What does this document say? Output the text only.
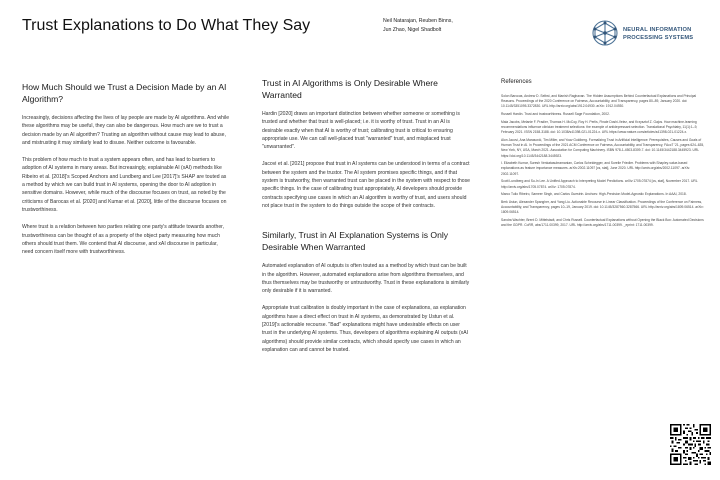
Trust Explanations to Do What They Say	Neil Natarajan, Reuben Binns,
Jun Zhao, Nigel Shadbolt	NEURAL INFORMATION
PROCESSING SYSTEMS
How Much Should we Trust a Decision Made by an AI Algorithm?

Increasingly, decisions affecting the lives of lay people are made by AI algorithms. And while these algorithms may be useful, they can also be dangerous. How much are we to trust a decision made by an AI algorithm? Trusting an algorithm without cause may lead to abuse, and mistrusting it may similarly lead to disuse. Neither outcome is favourable.

This problem of how much to trust a system appears often, and has lead to barriers to adoption of AI systems in many areas. But increasingly, explainable AI (xAI) methods like Ribeiro et al. [2018]'s Scoped Anchors and Lundberg and Lee [2017]'s SHAP are touted as a method by which we can build trust in AI systems, opening the door to AI adoption in sensitive domains. However, while much of the discourse focuses on trust, as noted by the criticisms of Barocas et al. [2020] and Kumar et al. [2020], little of the discourse focuses on trustworthiness.

Where trust is a relation between two parties relating one party's attitude towards another, trustworthiness can be thought of as a property of the object party measuring how much others should trust them. We contend that AI discourse, and xAI discourse in particular, need concern itself more with trustworthiness.

Trust in AI Algorithms is Only Desirable Where Warranted

Hardin [2020] draws an important distinction between whether someone or something is trusted and whether that trust is well-placed; i.e. it is worthy of trust. Trust in an AI is desirable exactly when that AI is worthy of trust; calibrating trust is critical to ensuring appropriate use. We can call well-placed trust "warranted" trust, and misplaced trust "unwarranted".

Jacovi et al. [2021] propose that trust in AI systems can be understood in terms of a contract between the system and the trustor. The AI system promises specific things, and if that system is trustworthy, then warranted trust can be placed in the system with respect to those specific things. In the case of calibrating trust appropriately, AI developers should provide contracts specifying use cases in which an AI algorithm is worthy of trust, and users should not place trust in the system to do things outside the scope of their contracts.

Similarly, Trust in AI Explanation Systems is Only Desirable When Warranted

Automated explanation of AI outputs is often touted as a method by which trust can be built in the algorithm. However, automated explanations arise from algorithms themselves, and thus themselves may be trustworthy or untrustworthy. Trust in these explanations is similarly only desirable if it is warranted.

Appropriate trust calibration is doubly important in the case of explanations, as explanation algorithms have a direct effect on trust in AI systems, as demonstrated by Ustun et al. [2019]'s actionable recourse. "Bad" explanations might have undesirable effects on user trust in the underlying AI systems. Thus, developers of algorithms explaining AI outputs (xAI algorithms) should provide similar contracts, which should specify use cases in which an explanation can and cannot be trusted.

References

Solon Barocas, Andrew D. Selbst, and Manish Raghavan. The Hidden Assumptions Behind Counterfactual Explanations and Principal Reasons. Proceedings of the 2020 Conference on Fairness, Accountability, and Transparency, pages 80–89, January 2020. doi: 10.1145/3351095.3372830. URL http://arxiv.org/abs/1912.04930. arXiv: 1912.04930.

Russell Hardin. Trust and trustworthiness. Russell Sage Foundation, 2002.

Maia Jacobs, Melanie F. Pradier, Thomas H. McCoy, Roy H. Perlis, Finale Doshi-Velez, and Krzysztof Z. Gajos. How machine-learning recommendations influence clinician treatment selections: the example of antidepressant selection. Translational Psychiatry, 11(1):1–9, February 2021. ISSN 2158-3188. doi: 10.1038/s41398-021-01224-x. URL https://www.nature.com/articles/s41398-021-01224-x.

Alon Jacovi, Ana Marasović, Tim Miller, and Yoav Goldberg. Formalizing Trust in Artificial Intelligence: Prerequisites, Causes and Goals of Human Trust in AI. In Proceedings of the 2021 ACM Conference on Fairness, Accountability, and Transparency, FAccT '21, pages 624–635, New York, NY, USA, March 2021. Association for Computing Machinery. ISBN 978-1-4503-8309-7. doi: 10.1145/3442188.3445923. URL https://doi.org/10.1145/3442188.3445923.

I. Elizabeth Kumar, Suresh Venkatasubramanian, Carlos Scheidegger, and Sorelle Friedler. Problems with Shapley-value-based explanations as feature importance measures. arXiv:2002.11097 [cs, stat], June 2020. URL http://arxiv.org/abs/2002.11097. arXiv: 2002.11097.

Scott Lundberg and Su-In Lee. A Unified Approach to Interpreting Model Predictions. arXiv:1705.07874 [cs, stat], November 2017. URL http://arxiv.org/abs/1705.07874. arXiv: 1705.07874.

Marco Tulio Ribeiro, Sameer Singh, and Carlos Guestrin. Anchors: High-Precision Model-Agnostic Explanations. In AAAI, 2018.

Berk Ustun, Alexander Spangher, and Yang Liu. Actionable Recourse in Linear Classification. Proceedings of the Conference on Fairness, Accountability, and Transparency, pages 10–19, January 2019. doi: 10.1145/3287560.3287566. URL http://arxiv.org/abs/1809.06514. arXiv: 1809.06514.

Sandra Wachter, Brent D. Mittelstadt, and Chris Russell. Counterfactual Explanations without Opening the Black Box: Automated Decisions and the GDPR. CoRR, abs/1711.00399, 2017. URL http://arxiv.org/abs/1711.00399. _eprint: 1711.00399.
